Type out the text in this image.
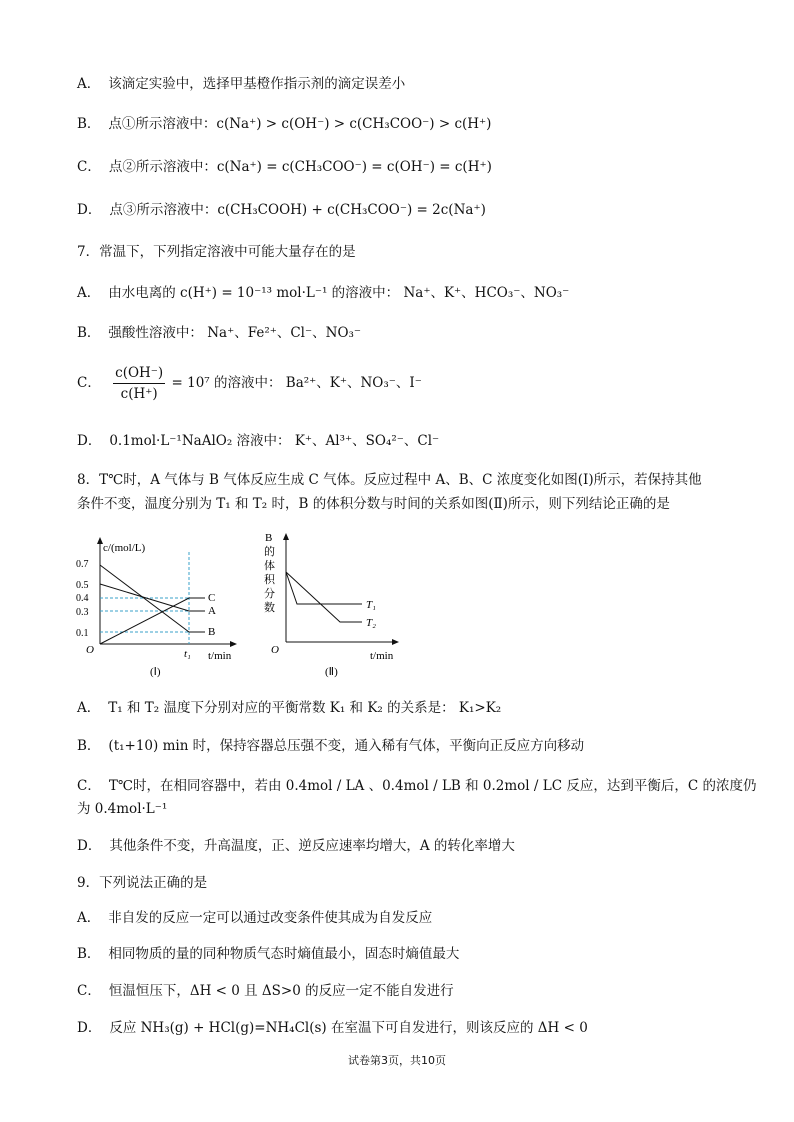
A． 该滴定实验中，选择甲基橙作指示剂的滴定误差小
B． 点①所示溶液中：c(Na⁺) > c(OH⁻) > c(CH₃COO⁻) > c(H⁺)
C． 点②所示溶液中：c(Na⁺) = c(CH₃COO⁻) = c(OH⁻) = c(H⁺)
D． 点③所示溶液中：c(CH₃COOH) + c(CH₃COO⁻) = 2c(Na⁺)
7．常温下，下列指定溶液中可能大量存在的是
A． 由水电离的 c(H⁺) = 10⁻¹³ mol·L⁻¹ 的溶液中： Na⁺、K⁺、HCO₃⁻、NO₃⁻
B． 强酸性溶液中： Na⁺、Fe²⁺、Cl⁻、NO₃⁻
C． $\frac{c(OH^-)}{c(H^+)} = 10^7$ 的溶液中： Ba²⁺、K⁺、NO₃⁻、I⁻
D． 0.1mol·L⁻¹NaAlO₂ 溶液中： K⁺、Al³⁺、SO₄²⁻、Cl⁻
8．T℃时，A 气体与 B 气体反应生成 C 气体。反应过程中 A、B、C 浓度变化如图(Ⅰ)所示，若保持其他
条件不变，温度分别为 T₁ 和 T₂ 时，B 的体积分数与时间的关系如图(Ⅱ)所示，则下列结论正确的是
c/(mol/L)
t/min
O	t₁
(Ⅰ)
0.7
0.5
0.4
0.3
0.1
C
A
B
B
的
体
积
分
数
O	t/min
(Ⅱ)
T₁
T₂
A． T₁ 和 T₂ 温度下分别对应的平衡常数 K₁ 和 K₂ 的关系是： K₁>K₂
B． (t₁+10) min 时，保持容器总压强不变，通入稀有气体，平衡向正反应方向移动
C． T℃时，在相同容器中，若由 0.4mol / LA 、0.4mol / LB 和 0.2mol / LC 反应，达到平衡后，C 的浓度仍
为 0.4mol·L⁻¹
D． 其他条件不变，升高温度，正、逆反应速率均增大，A 的转化率增大
9．下列说法正确的是
A． 非自发的反应一定可以通过改变条件使其成为自发反应
B． 相同物质的量的同种物质气态时熵值最小，固态时熵值最大
C． 恒温恒压下，ΔH < 0 且 ΔS>0 的反应一定不能自发进行
D． 反应 NH₃(g) + HCl(g)=NH₄Cl(s) 在室温下可自发进行，则该反应的 ΔH < 0
试卷第3页，共10页
